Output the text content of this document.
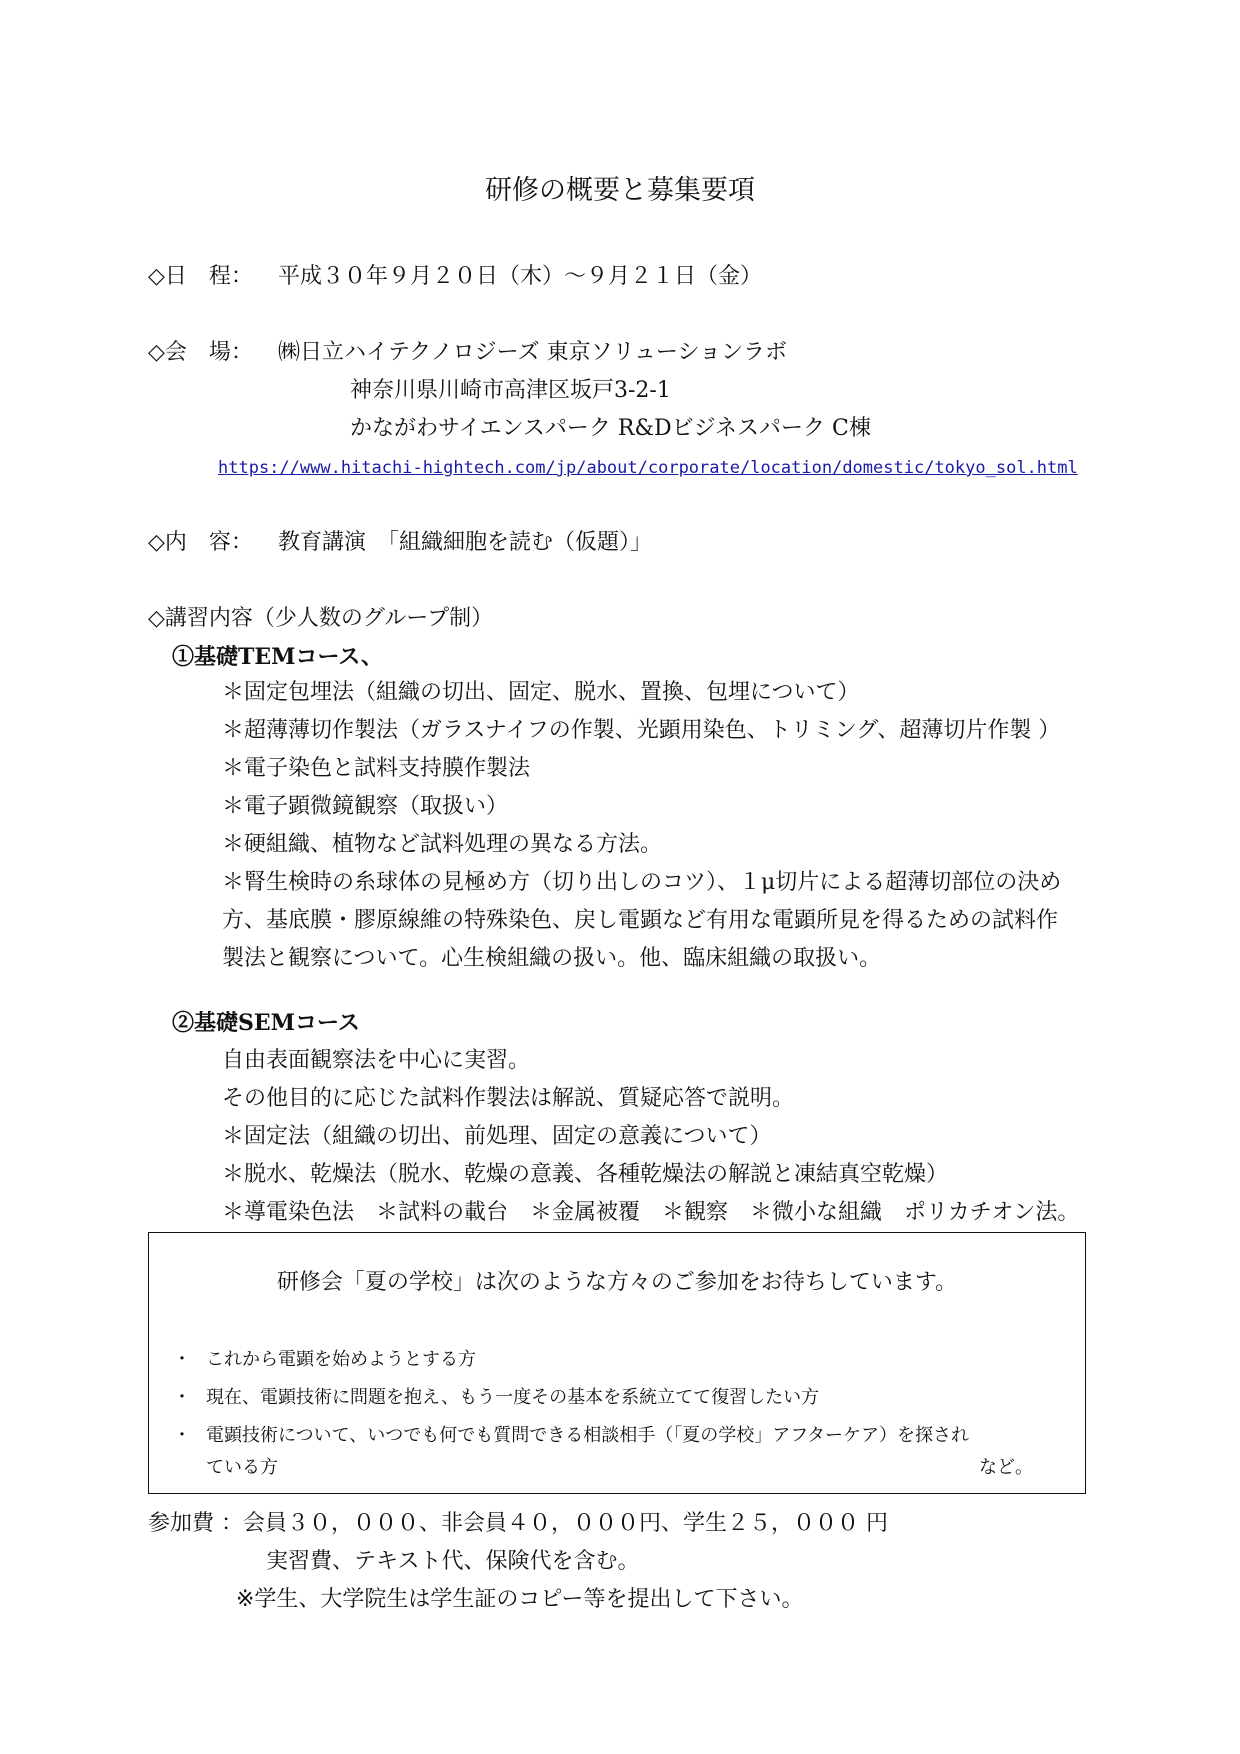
研修の概要と募集要項
◇日　程： 平成３０年９月２０日（木）～９月２１日（金）
◇会　場： ㈱日立ハイテクノロジーズ 東京ソリューションラボ
神奈川県川崎市高津区坂戸3-2-1
かながわサイエンスパーク R&Dビジネスパーク C棟
https://www.hitachi-hightech.com/jp/about/corporate/location/domestic/tokyo_sol.html
◇内　容： 教育講演　「組織細胞を読む（仮題）」
◇講習内容（少人数のグループ制）
①基礎TEMコース、
＊固定包埋法（組織の切出、固定、脱水、置換、包埋について）
＊超薄薄切作製法（ガラスナイフの作製、光顕用染色、トリミング、超薄切片作製 ）
＊電子染色と試料支持膜作製法
＊電子顕微鏡観察（取扱い）
＊硬組織、植物など試料処理の異なる方法。
＊腎生検時の糸球体の見極め方（切り出しのコツ）、１μ切片による超薄切部位の決め
方、基底膜・膠原線維の特殊染色、戻し電顕など有用な電顕所見を得るための試料作
製法と観察について。心生検組織の扱い。他、臨床組織の取扱い。
②基礎SEMコース
自由表面観察法を中心に実習。
その他目的に応じた試料作製法は解説、質疑応答で説明。
＊固定法（組織の切出、前処理、固定の意義について）
＊脱水、乾燥法（脱水、乾燥の意義、各種乾燥法の解説と凍結真空乾燥）
＊導電染色法　＊試料の載台　＊金属被覆　＊観察　＊微小な組織　ポリカチオン法。
研修会「夏の学校」は次のような方々のご参加をお待ちしています。
・ これから電顕を始めようとする方
・ 現在、電顕技術に問題を抱え、もう一度その基本を系統立てて復習したい方
・ 電顕技術について、いつでも何でも質問できる相談相手（「夏の学校」アフターケア）を探され
ている方	など。
参加費 ：会員３０，０００、非会員４０，０００円、学生２５，０００ 円
実習費、テキスト代、保険代を含む。
※学生、大学院生は学生証のコピー等を提出して下さい。
